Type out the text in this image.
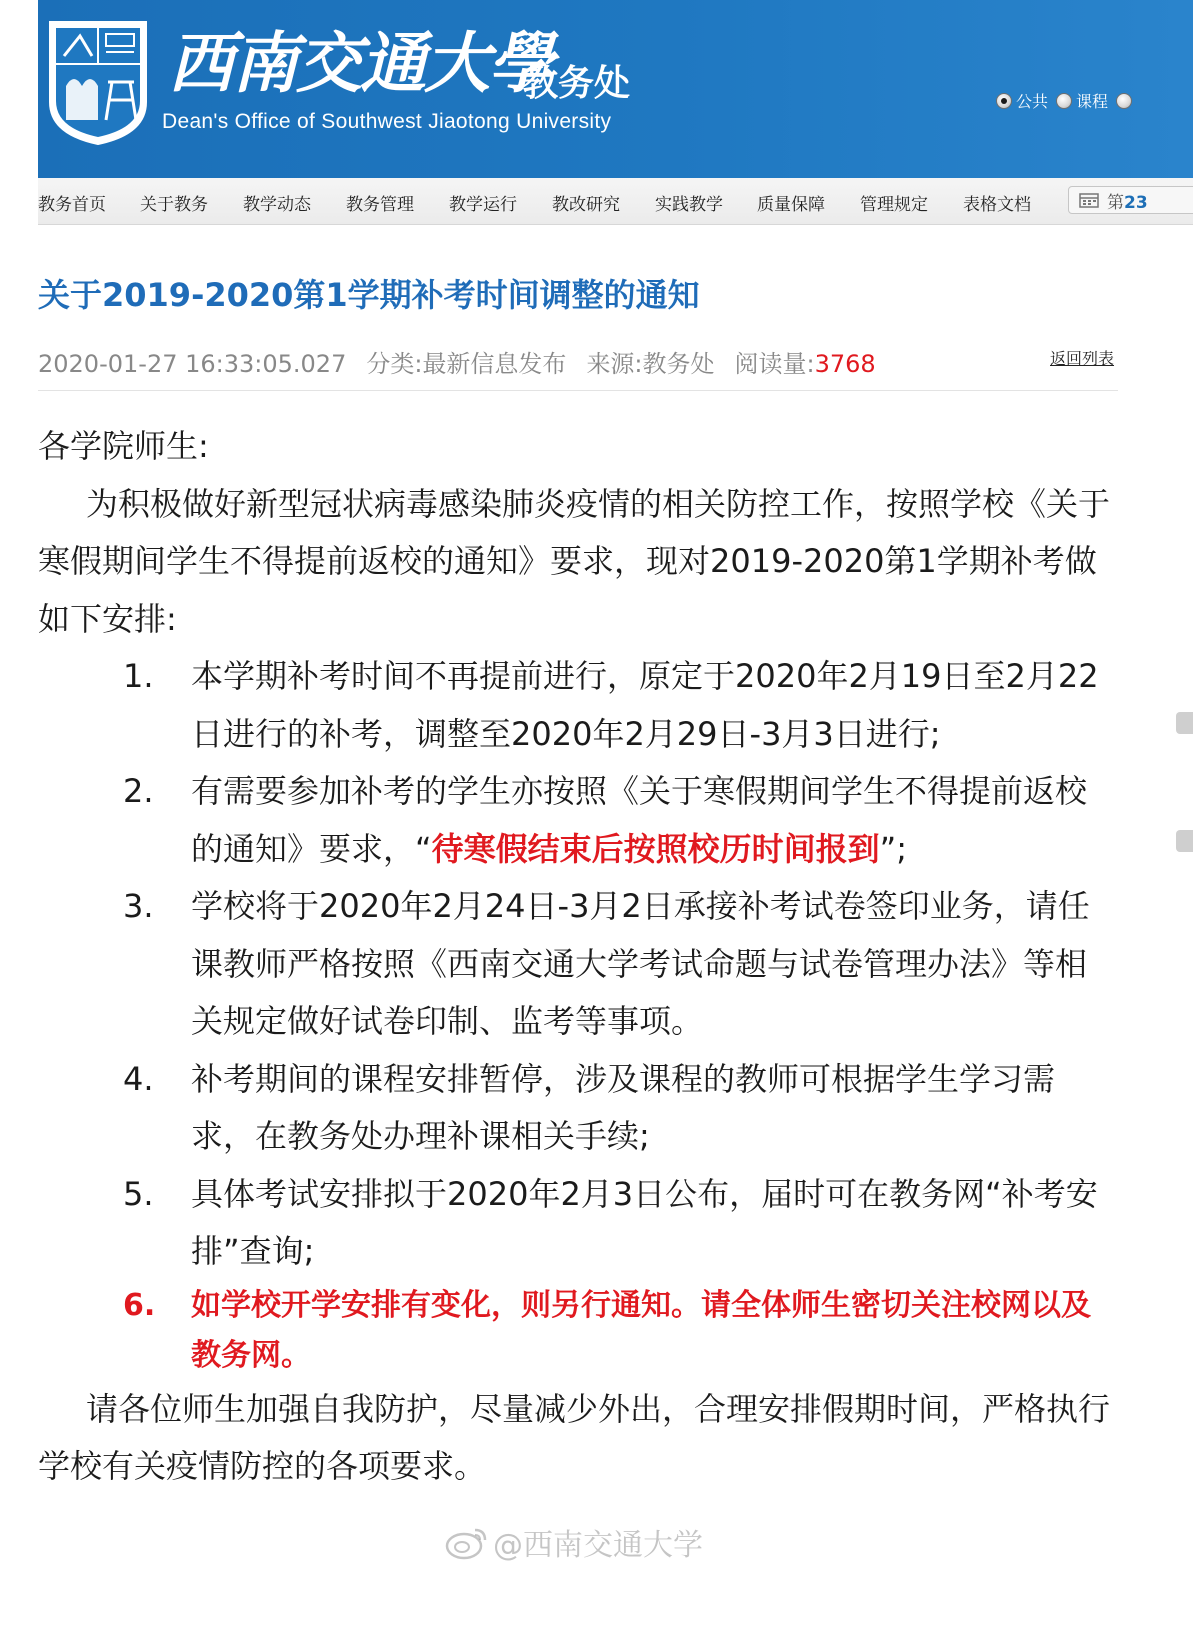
西南交通大學
教务处
Dean's Office of Southwest Jiaotong University
公共 课程
教务首页 关于教务 教学动态 教务管理 教学运行 教改研究 实践教学 质量保障 管理规定 表格文档	第23
关于2019-2020第1学期补考时间调整的通知
2020-01-27 16:33:05.027 分类:最新信息发布 来源:教务处 阅读量:3768	返回列表

各学院师生:

为积极做好新型冠状病毒感染肺炎疫情的相关防控工作，按照学校《关于寒假期间学生不得提前返校的通知》要求，现对2019-2020第1学期补考做如下安排:

1.	本学期补考时间不再提前进行，原定于2020年2月19日至2月22日进行的补考，调整至2020年2月29日-3月3日进行;
2.	有需要参加补考的学生亦按照《关于寒假期间学生不得提前返校的通知》要求，“待寒假结束后按照校历时间报到”;
3.	学校将于2020年2月24日-3月2日承接补考试卷签印业务，请任课教师严格按照《西南交通大学考试命题与试卷管理办法》等相关规定做好试卷印制、监考等事项。
4.	补考期间的课程安排暂停，涉及课程的教师可根据学生学习需求，在教务处办理补课相关手续;
5.	具体考试安排拟于2020年2月3日公布，届时可在教务网“补考安排”查询;
6.	如学校开学安排有变化，则另行通知。请全体师生密切关注校网以及教务网。

请各位师生加强自我防护，尽量减少外出，合理安排假期时间，严格执行学校有关疫情防控的各项要求。

@西南交通大学
